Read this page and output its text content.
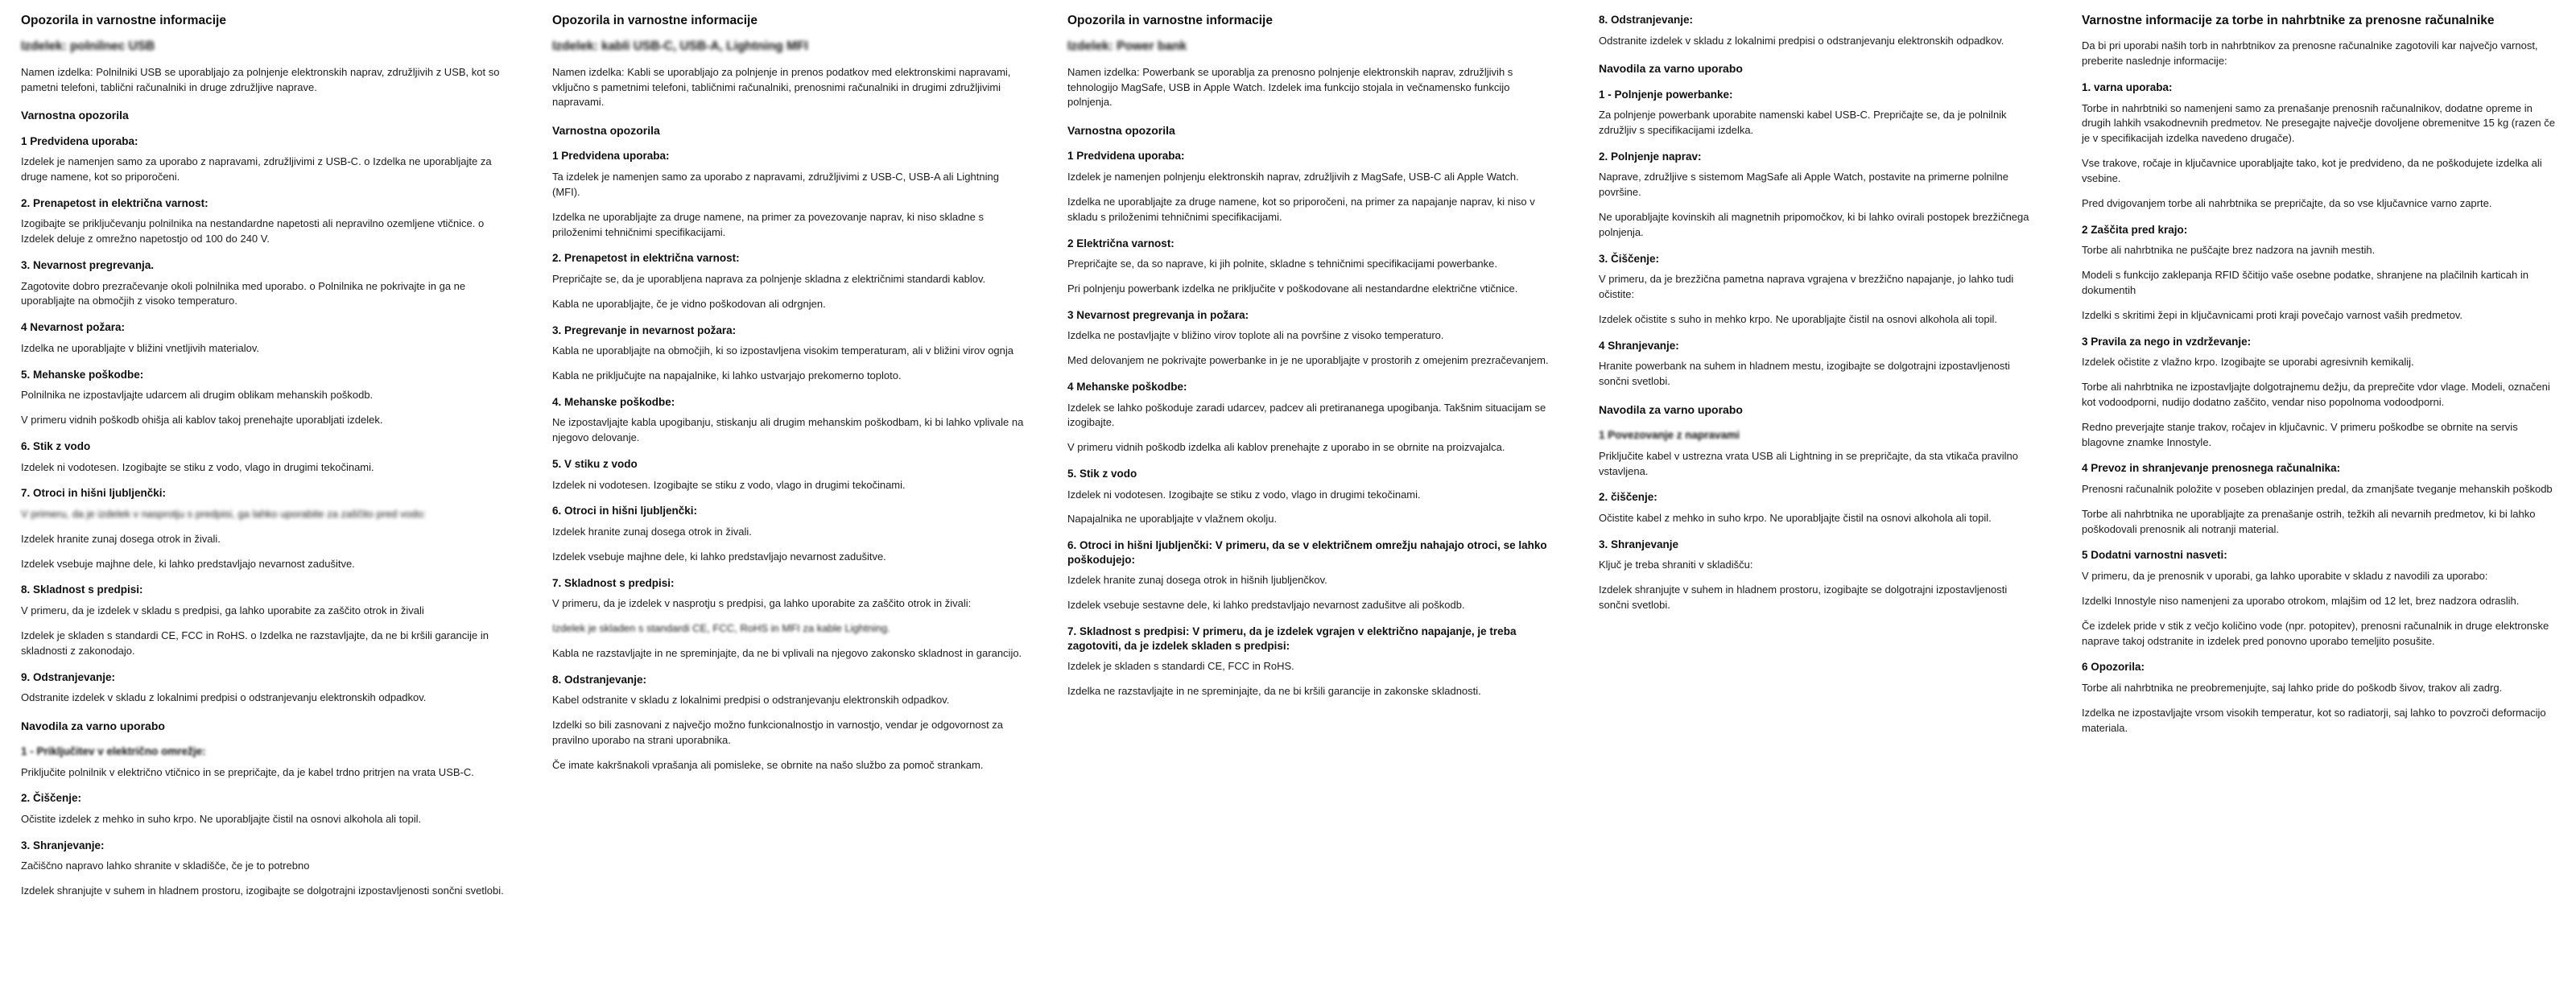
Opozorila in varnostne informacije
Izdelek: polnilnec USB

Namen izdelka: Polnilniki USB se uporabljajo za polnjenje elektronskih naprav, združljivih z USB, kot so pametni telefoni, tablični računalniki in druge združljive naprave.

Varnostna opozorila
1 Predvidena uporaba:

Izdelek je namenjen samo za uporabo z napravami, združljivimi z USB-C. o Izdelka ne uporabljajte za druge namene, kot so priporočeni.

2. Prenapetost in električna varnost:

Izogibajte se priključevanju polnilnika na nestandardne napetosti ali nepravilno ozemljene vtičnice. o Izdelek deluje z omrežno napetostjo od 100 do 240 V.

3. Nevarnost pregrevanja.

Zagotovite dobro prezračevanje okoli polnilnika med uporabo. o Polnilnika ne pokrivajte in ga ne uporabljajte na območjih z visoko temperaturo.

4 Nevarnost požara:

Izdelka ne uporabljajte v bližini vnetljivih materialov.

5. Mehanske poškodbe:

Polnilnika ne izpostavljajte udarcem ali drugim oblikam mehanskih poškodb.

V primeru vidnih poškodb ohišja ali kablov takoj prenehajte uporabljati izdelek.

6. Stik z vodo

Izdelek ni vodotesen. Izogibajte se stiku z vodo, vlago in drugimi tekočinami.

7. Otroci in hišni ljubljenčki:

V primeru, da je izdelek v nasprotju s predpisi, ga lahko uporabite za zaščito pred vodo:

Izdelek hranite zunaj dosega otrok in živali.

Izdelek vsebuje majhne dele, ki lahko predstavljajo nevarnost zadušitve.

8. Skladnost s predpisi:

V primeru, da je izdelek v skladu s predpisi, ga lahko uporabite za zaščito otrok in živali

Izdelek je skladen s standardi CE, FCC in RoHS. o Izdelka ne razstavljajte, da ne bi kršili garancije in skladnosti z zakonodajo.

9. Odstranjevanje:

Odstranite izdelek v skladu z lokalnimi predpisi o odstranjevanju elektronskih odpadkov.

Navodila za varno uporabo
1 - Priključitev v električno omrežje:

Priključite polnilnik v električno vtičnico in se prepričajte, da je kabel trdno pritrjen na vrata USB-C.

2. Čiščenje:

Očistite izdelek z mehko in suho krpo. Ne uporabljajte čistil na osnovi alkohola ali topil.

3. Shranjevanje:

Začiščno napravo lahko shranite v skladišče, če je to potrebno

Izdelek shranjujte v suhem in hladnem prostoru, izogibajte se dolgotrajni izpostavljenosti sončni svetlobi.

Opozorila in varnostne informacije
Izdelek: kabli USB-C, USB-A, Lightning MFI

Namen izdelka: Kabli se uporabljajo za polnjenje in prenos podatkov med elektronskimi napravami, vključno s pametnimi telefoni, tabličnimi računalniki, prenosnimi računalniki in drugimi združljivimi napravami.

Varnostna opozorila
1 Predvidena uporaba:

Ta izdelek je namenjen samo za uporabo z napravami, združljivimi z USB-C, USB-A ali Lightning (MFI).

Izdelka ne uporabljajte za druge namene, na primer za povezovanje naprav, ki niso skladne s priloženimi tehničnimi specifikacijami.

2. Prenapetost in električna varnost:

Prepričajte se, da je uporabljena naprava za polnjenje skladna z električnimi standardi kablov.

Kabla ne uporabljajte, če je vidno poškodovan ali odrgnjen.

3. Pregrevanje in nevarnost požara:

Kabla ne uporabljajte na območjih, ki so izpostavljena visokim temperaturam, ali v bližini virov ognja

Kabla ne priključujte na napajalnike, ki lahko ustvarjajo prekomerno toploto.

4. Mehanske poškodbe:

Ne izpostavljajte kabla upogibanju, stiskanju ali drugim mehanskim poškodbam, ki bi lahko vplivale na njegovo delovanje.

5. V stiku z vodo

Izdelek ni vodotesen. Izogibajte se stiku z vodo, vlago in drugimi tekočinami.

6. Otroci in hišni ljubljenčki:

Izdelek hranite zunaj dosega otrok in živali.

Izdelek vsebuje majhne dele, ki lahko predstavljajo nevarnost zadušitve.

7. Skladnost s predpisi:

V primeru, da je izdelek v nasprotju s predpisi, ga lahko uporabite za zaščito otrok in živali:

Izdelek je skladen s standardi CE, FCC, RoHS in MFI za kable Lightning.

Kabla ne razstavljajte in ne spreminjajte, da ne bi vplivali na njegovo zakonsko skladnost in garancijo.

8. Odstranjevanje:

Kabel odstranite v skladu z lokalnimi predpisi o odstranjevanju elektronskih odpadkov.

Izdelki so bili zasnovani z največjo možno funkcionalnostjo in varnostjo, vendar je odgovornost za pravilno uporabo na strani uporabnika.

Če imate kakršnakoli vprašanja ali pomisleke, se obrnite na našo službo za pomoč strankam.

Opozorila in varnostne informacije
Izdelek: Power bank

Namen izdelka: Powerbank se uporablja za prenosno polnjenje elektronskih naprav, združljivih s tehnologijo MagSafe, USB in Apple Watch. Izdelek ima funkcijo stojala in večnamensko funkcijo polnjenja.

Varnostna opozorila
1 Predvidena uporaba:

Izdelek je namenjen polnjenju elektronskih naprav, združljivih z MagSafe, USB-C ali Apple Watch.

Izdelka ne uporabljajte za druge namene, kot so priporočeni, na primer za napajanje naprav, ki niso v skladu s priloženimi tehničnimi specifikacijami.

2 Električna varnost:

Prepričajte se, da so naprave, ki jih polnite, skladne s tehničnimi specifikacijami powerbanke.

Pri polnjenju powerbank izdelka ne priključite v poškodovane ali nestandardne električne vtičnice.

3 Nevarnost pregrevanja in požara:

Izdelka ne postavljajte v bližino virov toplote ali na površine z visoko temperaturo.

Med delovanjem ne pokrivajte powerbanke in je ne uporabljajte v prostorih z omejenim prezračevanjem.

4 Mehanske poškodbe:

Izdelek se lahko poškoduje zaradi udarcev, padcev ali pretirananega upogibanja. Takšnim situacijam se izogibajte.

V primeru vidnih poškodb izdelka ali kablov prenehajte z uporabo in se obrnite na proizvajalca.

5. Stik z vodo

Izdelek ni vodotesen. Izogibajte se stiku z vodo, vlago in drugimi tekočinami.

Napajalnika ne uporabljajte v vlažnem okolju.

6. Otroci in hišni ljubljenčki: V primeru, da se v električnem omrežju nahajajo otroci, se lahko poškodujejo:

Izdelek hranite zunaj dosega otrok in hišnih ljubljenčkov.

Izdelek vsebuje sestavne dele, ki lahko predstavljajo nevarnost zadušitve ali poškodb.

7. Skladnost s predpisi: V primeru, da je izdelek vgrajen v električno napajanje, je treba zagotoviti, da je izdelek skladen s predpisi:

Izdelek je skladen s standardi CE, FCC in RoHS.

Izdelka ne razstavljajte in ne spreminjajte, da ne bi kršili garancije in zakonske skladnosti.

8. Odstranjevanje:

Odstranite izdelek v skladu z lokalnimi predpisi o odstranjevanju elektronskih odpadkov.

Navodila za varno uporabo
1 - Polnjenje powerbanke:

Za polnjenje powerbank uporabite namenski kabel USB-C. Prepričajte se, da je polnilnik združljiv s specifikacijami izdelka.

2. Polnjenje naprav:

Naprave, združljive s sistemom MagSafe ali Apple Watch, postavite na primerne polnilne površine.

Ne uporabljajte kovinskih ali magnetnih pripomočkov, ki bi lahko ovirali postopek brezžičnega polnjenja.

3. Čiščenje:

V primeru, da je brezžična pametna naprava vgrajena v brezžično napajanje, jo lahko tudi očistite:

Izdelek očistite s suho in mehko krpo. Ne uporabljajte čistil na osnovi alkohola ali topil.

4 Shranjevanje:

Hranite powerbank na suhem in hladnem mestu, izogibajte se dolgotrajni izpostavljenosti sončni svetlobi.

Navodila za varno uporabo
1 Povezovanje z napravami

Priključite kabel v ustrezna vrata USB ali Lightning in se prepričajte, da sta vtikača pravilno vstavljena.

2. čiščenje:

Očistite kabel z mehko in suho krpo. Ne uporabljajte čistil na osnovi alkohola ali topil.

3. Shranjevanje

Ključ je treba shraniti v skladišču:

Izdelek shranjujte v suhem in hladnem prostoru, izogibajte se dolgotrajni izpostavljenosti sončni svetlobi.

Varnostne informacije za torbe in nahrbtnike za prenosne računalnike

Da bi pri uporabi naših torb in nahrbtnikov za prenosne računalnike zagotovili kar največjo varnost, preberite naslednje informacije:

1. varna uporaba:

Torbe in nahrbtniki so namenjeni samo za prenašanje prenosnih računalnikov, dodatne opreme in drugih lahkih vsakodnevnih predmetov. Ne presegajte največje dovoljene obremenitve 15 kg (razen če je v specifikacijah izdelka navedeno drugače).

Vse trakove, ročaje in ključavnice uporabljajte tako, kot je predvideno, da ne poškodujete izdelka ali vsebine.

Pred dvigovanjem torbe ali nahrbtnika se prepričajte, da so vse ključavnice varno zaprte.

2 Zaščita pred krajo:

Torbe ali nahrbtnika ne puščajte brez nadzora na javnih mestih.

Modeli s funkcijo zaklepanja RFID ščitijo vaše osebne podatke, shranjene na plačilnih karticah in dokumentih

Izdelki s skritimi žepi in ključavnicami proti kraji povečajo varnost vaših predmetov.

3 Pravila za nego in vzdrževanje:

Izdelek očistite z vlažno krpo. Izogibajte se uporabi agresivnih kemikalij.

Torbe ali nahrbtnika ne izpostavljajte dolgotrajnemu dežju, da preprečite vdor vlage. Modeli, označeni kot vodoodporni, nudijo dodatno zaščito, vendar niso popolnoma vodoodporni.

Redno preverjajte stanje trakov, ročajev in ključavnic. V primeru poškodbe se obrnite na servis blagovne znamke Innostyle.

4 Prevoz in shranjevanje prenosnega računalnika:

Prenosni računalnik položite v poseben oblazinjen predal, da zmanjšate tveganje mehanskih poškodb

Torbe ali nahrbtnika ne uporabljajte za prenašanje ostrih, težkih ali nevarnih predmetov, ki bi lahko poškodovali prenosnik ali notranji material.

5 Dodatni varnostni nasveti:

V primeru, da je prenosnik v uporabi, ga lahko uporabite v skladu z navodili za uporabo:

Izdelki Innostyle niso namenjeni za uporabo otrokom, mlajšim od 12 let, brez nadzora odraslih.

Če izdelek pride v stik z večjo količino vode (npr. potopitev), prenosni računalnik in druge elektronske naprave takoj odstranite in izdelek pred ponovno uporabo temeljito posušite.

6 Opozorila:

Torbe ali nahrbtnika ne preobremenjujte, saj lahko pride do poškodb šivov, trakov ali zadrg.

Izdelka ne izpostavljajte vrsom visokih temperatur, kot so radiatorji, saj lahko to povzroči deformacijo materiala.
